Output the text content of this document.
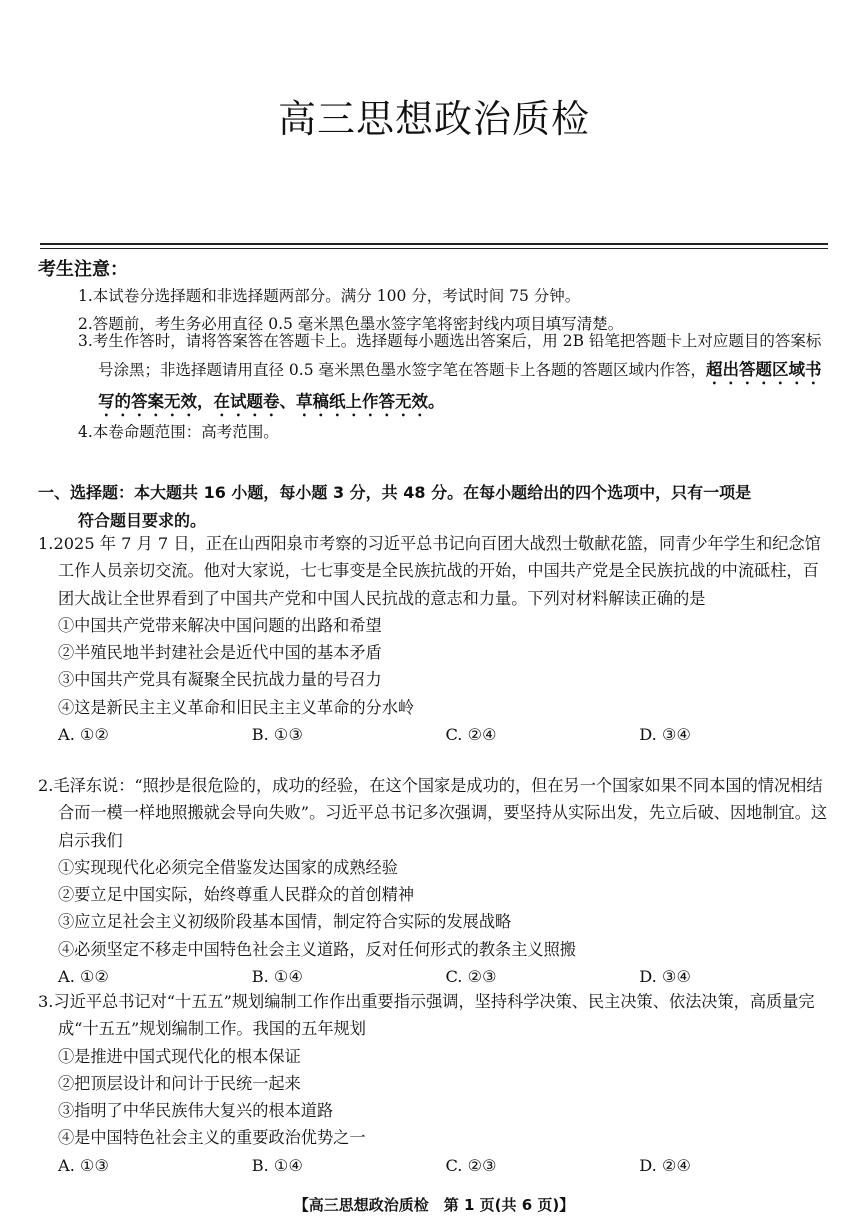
高三思想政治质检
考生注意：
1.本试卷分选择题和非选择题两部分。满分 100 分，考试时间 75 分钟。
2.答题前，考生务必用直径 0.5 毫米黑色墨水签字笔将密封线内项目填写清楚。
3.考生作答时，请将答案答在答题卡上。选择题每小题选出答案后，用 2B 铅笔把答题卡上对应题目的答案标号涂黑；非选择题请用直径 0.5 毫米黑色墨水签字笔在答题卡上各题的答题区域内作答，超出答题区域书写的答案无效，在试题卷、草稿纸上作答无效。
4.本卷命题范围：高考范围。
一、选择题：本大题共 16 小题，每小题 3 分，共 48 分。在每小题给出的四个选项中，只有一项是
符合题目要求的。

1.2025 年 7 月 7 日，正在山西阳泉市考察的习近平总书记向百团大战烈士敬献花篮，同青少年学生和纪念馆工作人员亲切交流。他对大家说，七七事变是全民族抗战的开始，中国共产党是全民族抗战的中流砥柱，百团大战让全世界看到了中国共产党和中国人民抗战的意志和力量。下列对材料解读正确的是

①中国共产党带来解决中国问题的出路和希望

②半殖民地半封建社会是近代中国的基本矛盾

③中国共产党具有凝聚全民抗战力量的号召力

④这是新民主主义革命和旧民主主义革命的分水岭

A. ①②	B. ①③	C. ②④	D. ③④

2.毛泽东说：“照抄是很危险的，成功的经验，在这个国家是成功的，但在另一个国家如果不同本国的情况相结合而一模一样地照搬就会导向失败”。习近平总书记多次强调，要坚持从实际出发，先立后破、因地制宜。这启示我们

①实现现代化必须完全借鉴发达国家的成熟经验

②要立足中国实际，始终尊重人民群众的首创精神

③应立足社会主义初级阶段基本国情，制定符合实际的发展战略

④必须坚定不移走中国特色社会主义道路，反对任何形式的教条主义照搬

A. ①②	B. ①④	C. ②③	D. ③④

3.习近平总书记对“十五五”规划编制工作作出重要指示强调，坚持科学决策、民主决策、依法决策，高质量完成“十五五”规划编制工作。我国的五年规划

①是推进中国式现代化的根本保证

②把顶层设计和问计于民统一起来

③指明了中华民族伟大复兴的根本道路

④是中国特色社会主义的重要政治优势之一

A. ①③	B. ①④	C. ②③	D. ②④
【高三思想政治质检　第 1 页(共 6 页)】
